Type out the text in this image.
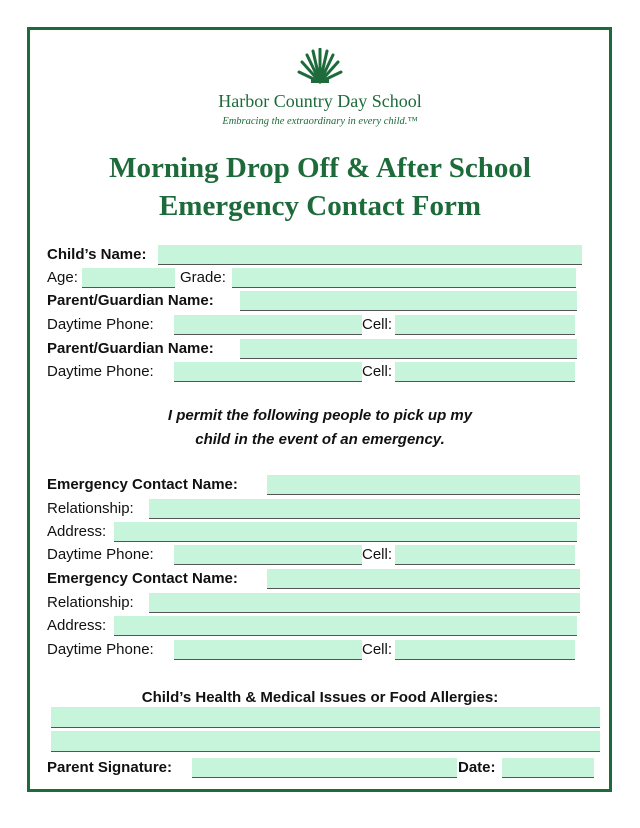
Harbor Country Day School
Embracing the extraordinary in every child.™
Morning Drop Off & After School
Emergency Contact Form
Child’s Name:
Age:	Grade:
Parent/Guardian Name:
Daytime Phone:	Cell:
Parent/Guardian Name:
Daytime Phone:	Cell:
I permit the following people to pick up my
child in the event of an emergency.
Emergency Contact Name:
Relationship:
Address:
Daytime Phone:	Cell:
Emergency Contact Name:
Relationship:
Address:
Daytime Phone:	Cell:
Child’s Health & Medical Issues or Food Allergies:
Parent Signature:	Date:
